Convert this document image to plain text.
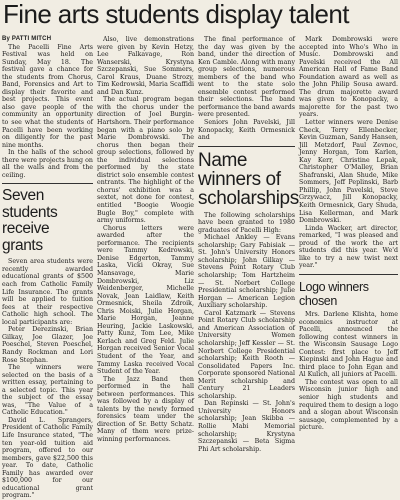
Fine arts students display talent

By PATTI MITCH

The Pacelli Fine Arts Festival was held on Sunday, May 18. The festival gave a chance for the students from Chorus, Band, Forensics and Art to display their favorite and best projects. This event also gave people of the community an opportunity to see what the students of Pacelli have been working on diligently for the past nine months.

In the halls of the school there were projects hung on all the walls and from the ceiling.

Seven students receive grants

Seven area students were recently awarded educational grants of $500 each from Catholic Family Life Insurance. The grants will be applied to tuition fees at their respective Catholic high school. The local participants are:

Peter Derezinski, Brian Gilkay, Joe Glazer, Joe Poeschel, Steven Poeschel, Randy Rockman and Lori Rose Stephan.

The winners were selected on the basis of a written essay, pertaining to a selected topic. This year the subject of the essay was, "The Value of a Catholic Education."

David L. Sprangers, President of Catholic Family Life Insurance stated, "The ten year-old tuition aid program, offered to our members, gave $22,500 this year. To date, Catholic Family has awarded over $100,000 for our educational grant program."

Also, live demonstrations were given by Kevin Hetzy, Lee Falkavage, Ron Wanserski, Krystyna Szczepanski, Sue Sommers, Carol Kraus, Duane Strozy, Tim Kedrowski, Maria Scaffidi and Dan Kunz.

The actual program began with the chorus under the direction of Joel Burgin-Hartshorn. Their performance began with a piano solo by Marie Dombrowski. The chorus then began their group selections, followed by the individual selections performed by the state district solo ensemble contest entrants. The highlight of the chorus' exhibition was a sextet, not done for contest, entitled "Boogie Woogie Bugle Boy," complete with army uniforms.

Chorus letters were awarded after the performance. The recipients were Tammy Kedrowski, Denise Edgerton, Tammy Laska, Vicki Okray, Sue Mansavage, Marie Dombrowski, Liz Weidenberger, Michelle Novak, Jean Laidlaw, Keith Ormesnick, Sheila Zdroik, Chris Moiski, Julie Horgan, Marie Horgan, Jeanne Heuring, Jackie Laskowski, Patty Kunz, Tom Lee, Mike Kerlach and Greg Feld. Julie Horgan received Senior Vocal Student of the Year, and Tammy Laska received Vocal Student of the Year.

The Jazz Band then performed in the hall between performances. This was followed by a display of talents by the newly formed forensics team under the direction of Sr. Betty Schatz. Many of them were prize-winning performances.

The final performance of the day was given by the band, under the direction of Ken Camble. Along with many group selections, numerous members of the band who went to the state solo ensemble contest performed their selections. The band performance the band awards were presented.

Seniors John Pavelski, Jill Konopacky, Keith Ormesnick and

Name winners of scholarships

The following scholarships have been granted to 1980 graduates of Pacelli High:

Michael Ankley — Evans scholarship; Gary Fabisiak — St. John's University Honors scholarship; John Gilkay — Stevens Point Rotary Club scholarship; Tom Hartzheim — St. Norbert College Presidential scholarship; Julie Horgan — American Legion Auxiliary scholarship.

Carol Katzmark — Stevens Point Rotary Club scholarship and American Association of University Women scholarship; Jeff Kessler — St. Norbert College Presidential scholarship; Keith Rooth — Consolidated Papers Inc. Corporate sponsored National Merit scholarship and Century 21 Leaders scholarship.

Dan Repinski — St. John's University Honors scholarship; Jean Skibba — Rollie Mabi Memorial scholarship; Krystyna Szczepanski — Beta Sigma Phi Art scholarship.

Mark Dombrowski were accepted into Who's Who in Music. Dombrowski and Pavelski received the All American Hall of Fame Band Foundation award as well as the John Philip Sousa award. The drum majorette award was given to Konopacky, a majorette for the past two years.

Letter winners were Denise Check, Terry Ellenbecker, Kevin Guzman, Sandy Hansen, Jill Metzdorf, Paul Zevnoc, Jenny Horgan, Tom Karlen, Kay Kerr, Christine Lepak, Christopher O'Malley, Brian Shafranski, Alan Shude, Mike Sommers, Jeff Peplinski, Barb Phillip, John Pavelski, Steve Grzywacz, Jill Konopacky, Keith Ormesnick, Gary Shuda, Lisa Kellerman, and Mark Dombrowski.

Linda Wacker, art director, remarked, "I was pleased and proud of the work the art students did this year. We'd like to try a new twist next year."

Logo winners chosen

Mrs. Darlene Klishta, home economics instructor at Pacelli, announced the following contest winners in the Wisconsin Sausage Logo Contest: first place to Jeff Kiepinski and John Hague and third place to John Egan and Al Kulich, all juniors at Pacelli.

The contest was open to all Wisconsin junior high and senior high students and required them to design a logo and a slogan about Wisconsin sausage, complemented by a picture.
